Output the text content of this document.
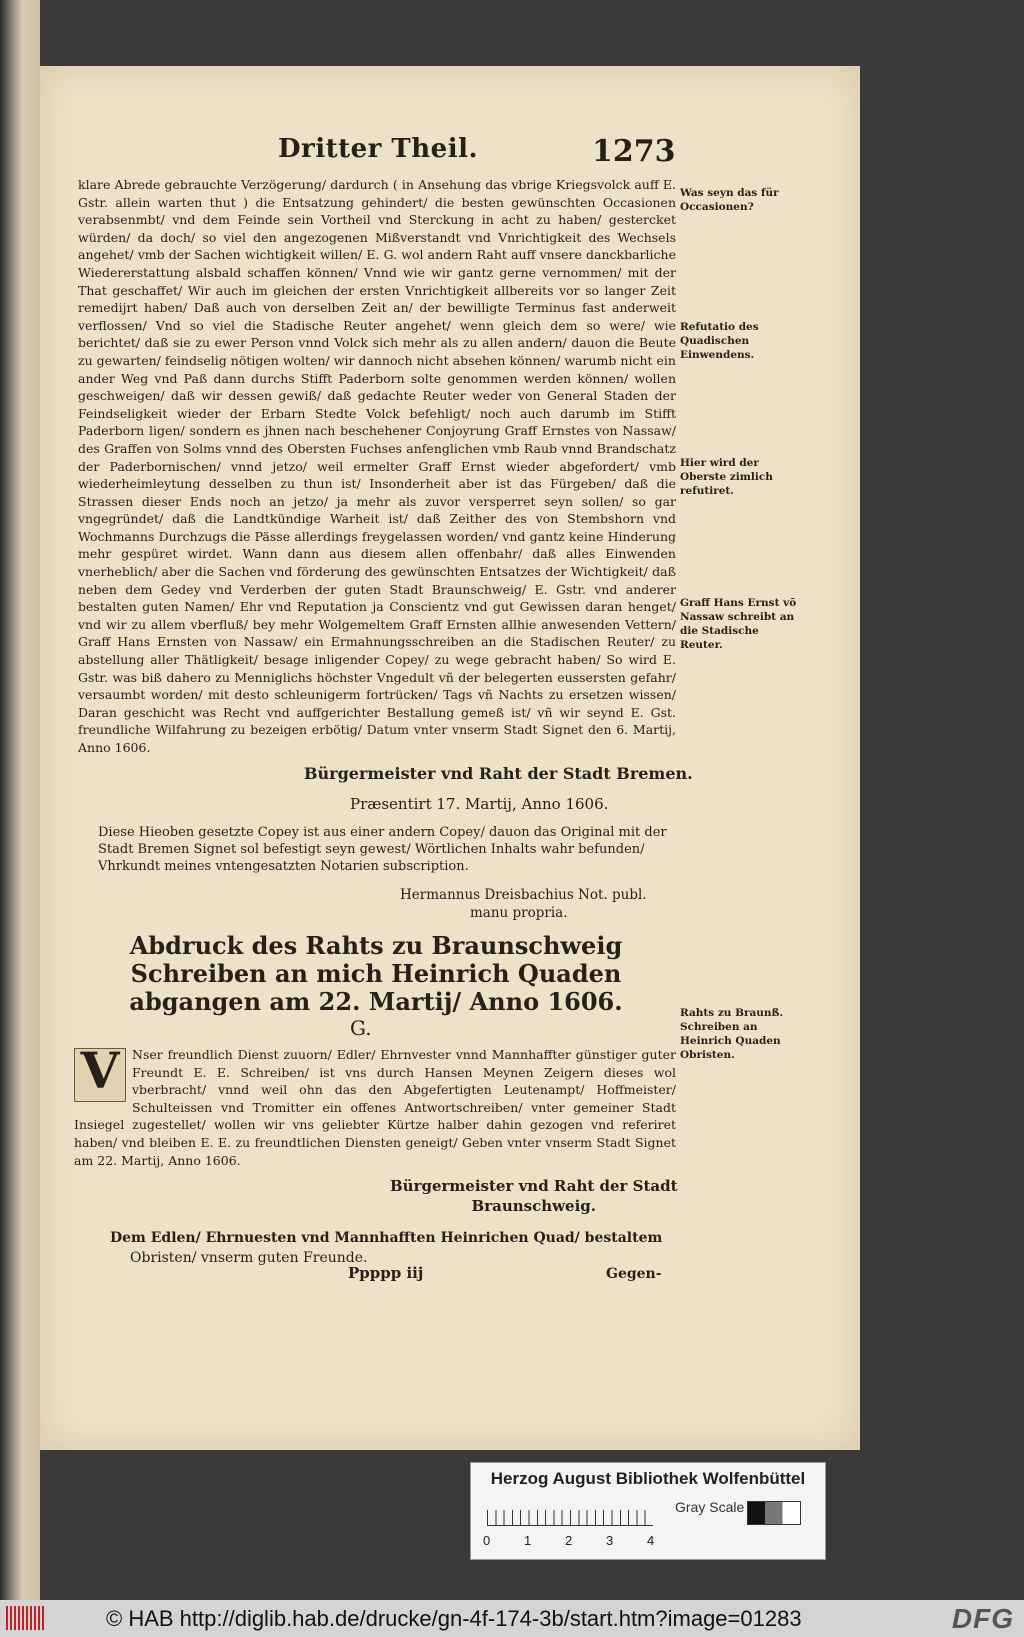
Dritter Theil.	1273

klare Abrede gebrauchte Verzögerung/ dardurch ( in Ansehung das vbrige Kriegsvolck auff E. Gstr. allein warten thut ) die Entsatzung gehindert/ die besten gewünschten Occasionen verabsenmbt/ vnd dem Feinde sein Vortheil vnd Sterckung in acht zu haben/ gestercket würden/ da doch/ so viel den angezogenen Mißverstandt vnd Vnrichtigkeit des Wechsels angehet/ vmb der Sachen wichtigkeit willen/ E. G. wol andern Raht auff vnsere danckbarliche Wiedererstattung alsbald schaffen können/ Vnnd wie wir gantz gerne vernommen/ mit der That geschaffet/ Wir auch im gleichen der ersten Vnrichtigkeit allbereits vor so langer Zeit remedijrt haben/ Daß auch von derselben Zeit an/ der bewilligte Terminus fast anderweit verflossen/ Vnd so viel die Stadische Reuter angehet/ wenn gleich dem so were/ wie berichtet/ daß sie zu ewer Person vnnd Volck sich mehr als zu allen andern/ dauon die Beute zu gewarten/ feindselig nötigen wolten/ wir dannoch nicht absehen können/ warumb nicht ein ander Weg vnd Paß dann durchs Stifft Paderborn solte genommen werden können/ wollen geschweigen/ daß wir dessen gewiß/ daß gedachte Reuter weder von General Staden der Feindseligkeit wieder der Erbarn Stedte Volck befehligt/ noch auch darumb im Stifft Paderborn ligen/ sondern es jhnen nach beschehener Conjoyrung Graff Ernstes von Nassaw/ des Graffen von Solms vnnd des Obersten Fuchses anfenglichen vmb Raub vnnd Brandschatz der Paderbornischen/ vnnd jetzo/ weil ermelter Graff Ernst wieder abgefordert/ vmb wiederheimleytung desselben zu thun ist/ Insonderheit aber ist das Fürgeben/ daß die Strassen dieser Ends noch an jetzo/ ja mehr als zuvor versperret seyn sollen/ so gar vngegründet/ daß die Landtkündige Warheit ist/ daß Zeither des von Stembshorn vnd Wochmanns Durchzugs die Pässe allerdings freygelassen worden/ vnd gantz keine Hinderung mehr gespüret wirdet. Wann dann aus diesem allen offenbahr/ daß alles Einwenden vnerheblich/ aber die Sachen vnd förderung des gewünschten Entsatzes der Wichtigkeit/ daß neben dem Gedey vnd Verderben der guten Stadt Braunschweig/ E. Gstr. vnd anderer bestalten guten Namen/ Ehr vnd Reputation ja Conscientz vnd gut Gewissen daran henget/ vnd wir zu allem vberfluß/ bey mehr Wolgemeltem Graff Ernsten allhie anwesenden Vettern/ Graff Hans Ernsten von Nassaw/ ein Ermahnungsschreiben an die Stadischen Reuter/ zu abstellung aller Thätligkeit/ besage inligender Copey/ zu wege gebracht haben/ So wird E. Gstr. was biß dahero zu Menniglichs höchster Vngedult vñ der belegerten eussersten gefahr/ versaumbt worden/ mit desto schleunigerm fortrücken/ Tags vñ Nachts zu ersetzen wissen/ Daran geschicht was Recht vnd auffgerichter Bestallung gemeß ist/ vñ wir seynd E. Gst. freundliche Wilfahrung zu bezeigen erbötig/ Datum vnter vnserm Stadt Signet den 6. Martij, Anno 1606.

Was seyn das für Occasionen?
Refutatio des Quadischen Einwendens.
Hier wird der Oberste zimlich refutiret.
Graff Hans Ernst vō Nassaw schreibt an die Stadische Reuter.
Rahts zu Braunß. Schreiben an Heinrich Quaden Obristen.
Bürgermeister vnd Raht der Stadt Bremen.
Præsentirt 17. Martij, Anno 1606.
Diese Hieoben gesetzte Copey ist aus einer andern Copey/ dauon das Original mit der Stadt Bremen Signet sol befestigt seyn gewest/ Wörtlichen Inhalts wahr befunden/ Vhrkundt meines vntengesatzten Notarien subscription.
Hermannus Dreisbachius Not. publ.
manu propria.
Abdruck des Rahts zu Braunschweig Schreiben an mich Heinrich Quaden abgangen am 22. Martij/ Anno 1606.
G.
V	Nser freundlich Dienst zuuorn/ Edler/ Ehrnvester vnnd Mannhaffter günstiger guter Freundt E. E. Schreiben/ ist vns durch Hansen Meynen Zeigern dieses wol vberbracht/ vnnd weil ohn das den Abgefertigten Leutenampt/ Hoffmeister/ Schulteissen vnd Tromitter ein offenes Antwortschreiben/ vnter gemeiner Stadt Insiegel zugestellet/ wollen wir vns geliebter Kürtze halber dahin gezogen vnd referiret haben/ vnd bleiben E. E. zu freundtlichen Diensten geneigt/ Geben vnter vnserm Stadt Signet am 22. Martij, Anno 1606.
Bürgermeister vnd Raht der Stadt
Braunschweig.
Dem Edlen/ Ehrnuesten vnd Mannhafften Heinrichen Quad/ bestaltem
Obristen/ vnserm guten Freunde.
Ppppp iij	Gegen-
Herzog August Bibliothek Wolfenbüttel
0	1	2	3	4
Gray Scale
© HAB http://diglib.hab.de/drucke/gn-4f-174-3b/start.htm?image=01283	DFG
